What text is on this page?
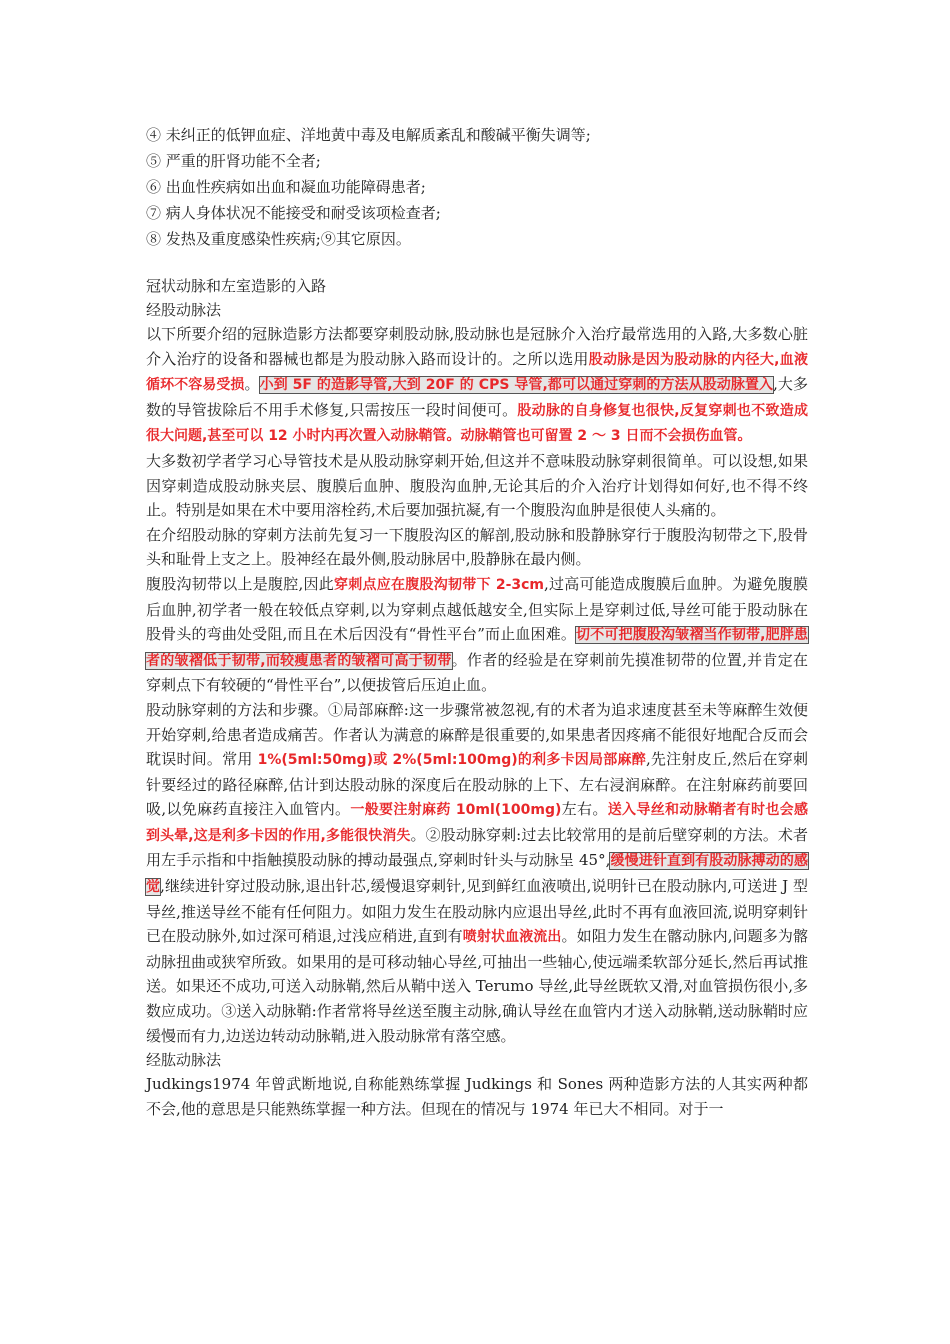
④ 未纠正的低钾血症、洋地黄中毒及电解质紊乱和酸碱平衡失调等;
⑤ 严重的肝肾功能不全者;
⑥ 出血性疾病如出血和凝血功能障碍患者;
⑦ 病人身体状况不能接受和耐受该项检查者;
⑧ 发热及重度感染性疾病;⑨其它原因。

冠状动脉和左室造影的入路

经股动脉法

以下所要介绍的冠脉造影方法都要穿刺股动脉,股动脉也是冠脉介入治疗最常选用的入路,大多数心脏介入治疗的设备和器械也都是为股动脉入路而设计的。之所以选用股动脉是因为股动脉的内径大,血液循环不容易受损。小到 5F 的造影导管,大到 20F 的 CPS 导管,都可以通过穿刺的方法从股动脉置入,大多数的导管拔除后不用手术修复,只需按压一段时间便可。股动脉的自身修复也很快,反复穿刺也不致造成很大问题,甚至可以 12 小时内再次置入动脉鞘管。动脉鞘管也可留置 2 ～ 3 日而不会损伤血管。

大多数初学者学习心导管技术是从股动脉穿刺开始,但这并不意味股动脉穿刺很简单。可以设想,如果因穿刺造成股动脉夹层、腹膜后血肿、腹股沟血肿,无论其后的介入治疗计划得如何好,也不得不终止。特别是如果在术中要用溶栓药,术后要加强抗凝,有一个腹股沟血肿是很使人头痛的。

在介绍股动脉的穿刺方法前先复习一下腹股沟区的解剖,股动脉和股静脉穿行于腹股沟韧带之下,股骨头和耻骨上支之上。股神经在最外侧,股动脉居中,股静脉在最内侧。

腹股沟韧带以上是腹腔,因此穿刺点应在腹股沟韧带下 2-3cm,过高可能造成腹膜后血肿。为避免腹膜后血肿,初学者一般在较低点穿刺,以为穿刺点越低越安全,但实际上是穿刺过低,导丝可能于股动脉在股骨头的弯曲处受阻,而且在术后因没有“骨性平台”而止血困难。切不可把腹股沟皱褶当作韧带,肥胖患者的皱褶低于韧带,而较瘦患者的皱褶可高于韧带。作者的经验是在穿刺前先摸准韧带的位置,并肯定在穿刺点下有较硬的“骨性平台”,以便拔管后压迫止血。

股动脉穿刺的方法和步骤。①局部麻醉:这一步骤常被忽视,有的术者为追求速度甚至未等麻醉生效便开始穿刺,给患者造成痛苦。作者认为满意的麻醉是很重要的,如果患者因疼痛不能很好地配合反而会耽误时间。常用 1%(5ml:50mg)或 2%(5ml:100mg)的利多卡因局部麻醉,先注射皮丘,然后在穿刺针要经过的路径麻醉,估计到达股动脉的深度后在股动脉的上下、左右浸润麻醉。在注射麻药前要回吸,以免麻药直接注入血管内。一般要注射麻药 10ml(100mg)左右。送入导丝和动脉鞘者有时也会感到头晕,这是利多卡因的作用,多能很快消失。②股动脉穿刺:过去比较常用的是前后壁穿刺的方法。术者用左手示指和中指触摸股动脉的搏动最强点,穿刺时针头与动脉呈 45°,缓慢进针直到有股动脉搏动的感觉,继续进针穿过股动脉,退出针芯,缓慢退穿刺针,见到鲜红血液喷出,说明针已在股动脉内,可送进 J 型导丝,推送导丝不能有任何阻力。如阻力发生在股动脉内应退出导丝,此时不再有血液回流,说明穿刺针已在股动脉外,如过深可稍退,过浅应稍进,直到有喷射状血液流出。如阻力发生在髂动脉内,问题多为髂动脉扭曲或狭窄所致。如果用的是可移动轴心导丝,可抽出一些轴心,使远端柔软部分延长,然后再试推送。如果还不成功,可送入动脉鞘,然后从鞘中送入 Terumo 导丝,此导丝既软又滑,对血管损伤很小,多数应成功。③送入动脉鞘:作者常将导丝送至腹主动脉,确认导丝在血管内才送入动脉鞘,送动脉鞘时应缓慢而有力,边送边转动动脉鞘,进入股动脉常有落空感。

经肱动脉法

Judkings1974 年曾武断地说,自称能熟练掌握 Judkings 和 Sones 两种造影方法的人其实两种都不会,他的意思是只能熟练掌握一种方法。但现在的情况与 1974 年已大不相同。对于一
